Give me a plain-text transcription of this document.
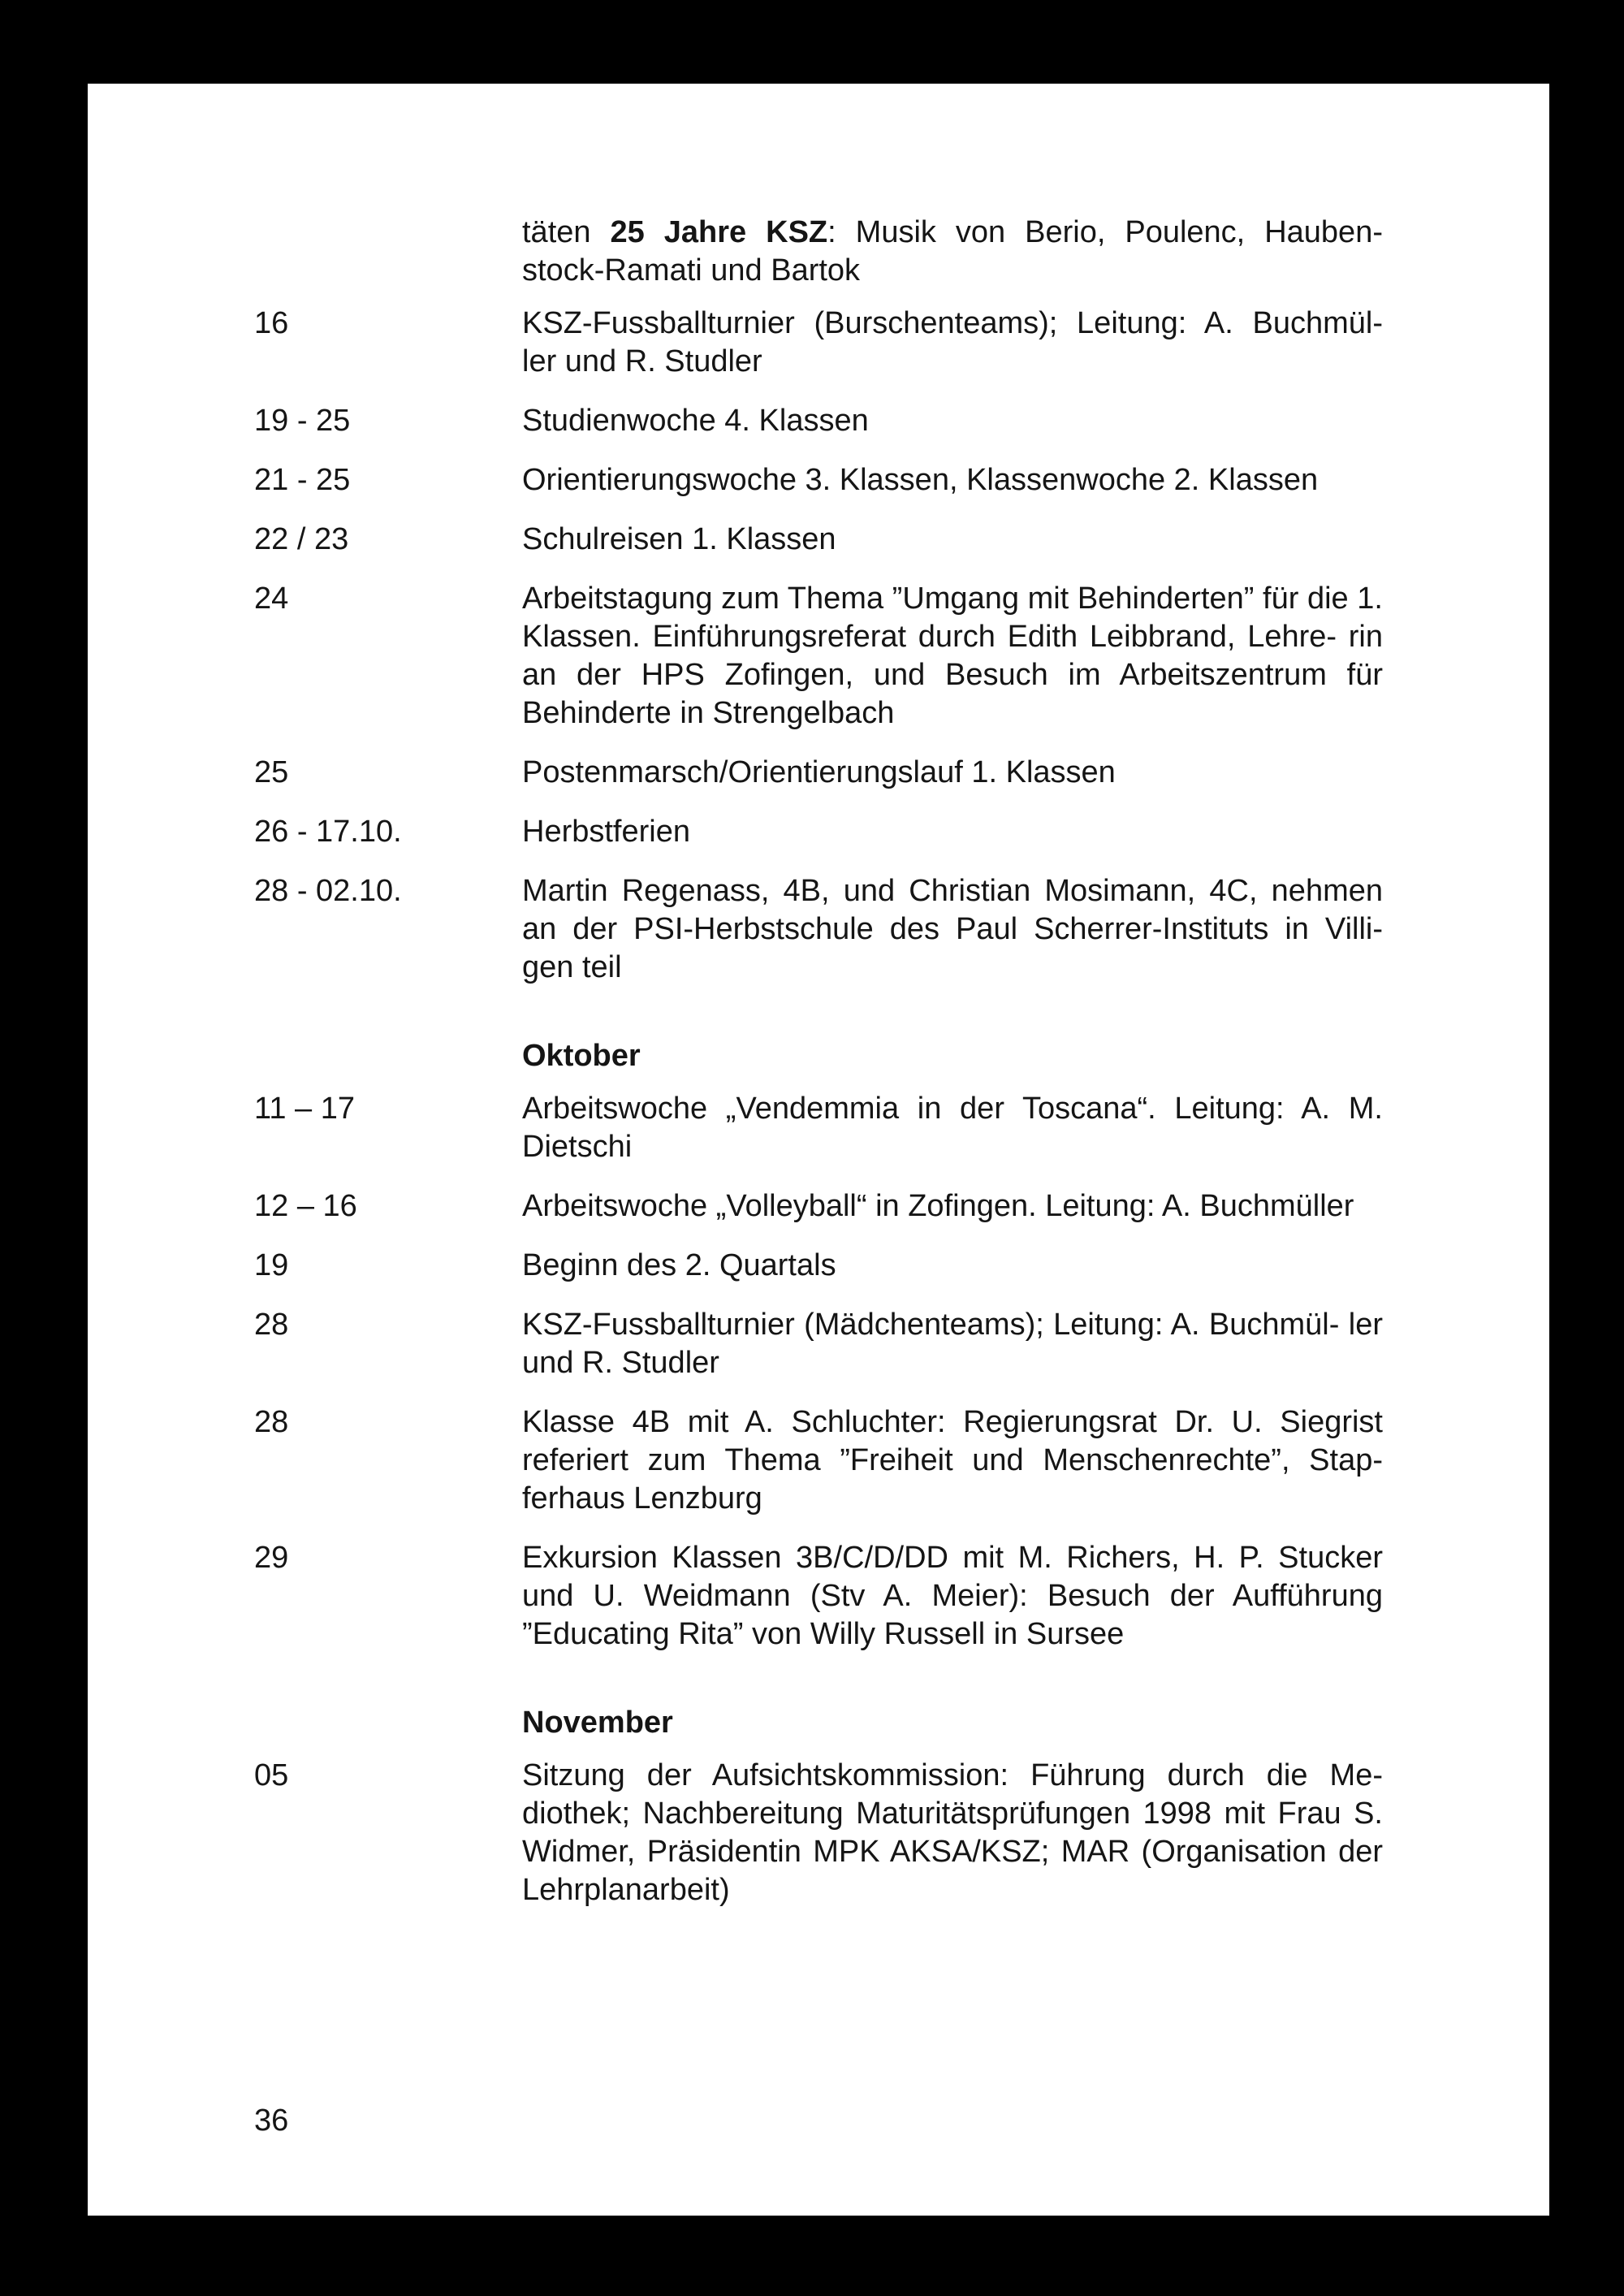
täten 25 Jahre KSZ: Musik von Berio, Poulenc, Hauben- stock-Ramati und Bartok
16	KSZ-Fussballturnier (Burschenteams); Leitung: A. Buchmül- ler und R. Studler
19 - 25	Studienwoche 4. Klassen
21 - 25	Orientierungswoche 3. Klassen, Klassenwoche 2. Klassen
22 / 23	Schulreisen 1. Klassen
24	Arbeitstagung zum Thema ”Umgang mit Behinderten” für die 1. Klassen. Einführungsreferat durch Edith Leibbrand, Lehre- rin an der HPS Zofingen, und Besuch im Arbeitszentrum für Behinderte in Strengelbach
25	Postenmarsch/Orientierungslauf 1. Klassen
26 - 17.10.	Herbstferien
28 - 02.10.	Martin Regenass, 4B, und Christian Mosimann, 4C, nehmen an der PSI-Herbstschule des Paul Scherrer-Instituts in Villi- gen teil
Oktober
11 – 17	Arbeitswoche „Vendemmia in der Toscana“. Leitung: A. M. Dietschi
12 – 16	Arbeitswoche „Volleyball“ in Zofingen. Leitung: A. Buchmüller
19	Beginn des 2. Quartals
28	KSZ-Fussballturnier (Mädchenteams); Leitung: A. Buchmül- ler und R. Studler
28	Klasse 4B mit A. Schluchter: Regierungsrat Dr. U. Siegrist referiert zum Thema ”Freiheit und Menschenrechte”, Stap- ferhaus Lenzburg
29	Exkursion Klassen 3B/C/D/DD mit M. Richers, H. P. Stucker und U. Weidmann (Stv A. Meier): Besuch der Aufführung ”Educating Rita” von Willy Russell in Sursee
November
05	Sitzung der Aufsichtskommission: Führung durch die Me- diothek; Nachbereitung Maturitätsprüfungen 1998 mit Frau S. Widmer, Präsidentin MPK AKSA/KSZ; MAR (Organisation der Lehrplanarbeit)
36
